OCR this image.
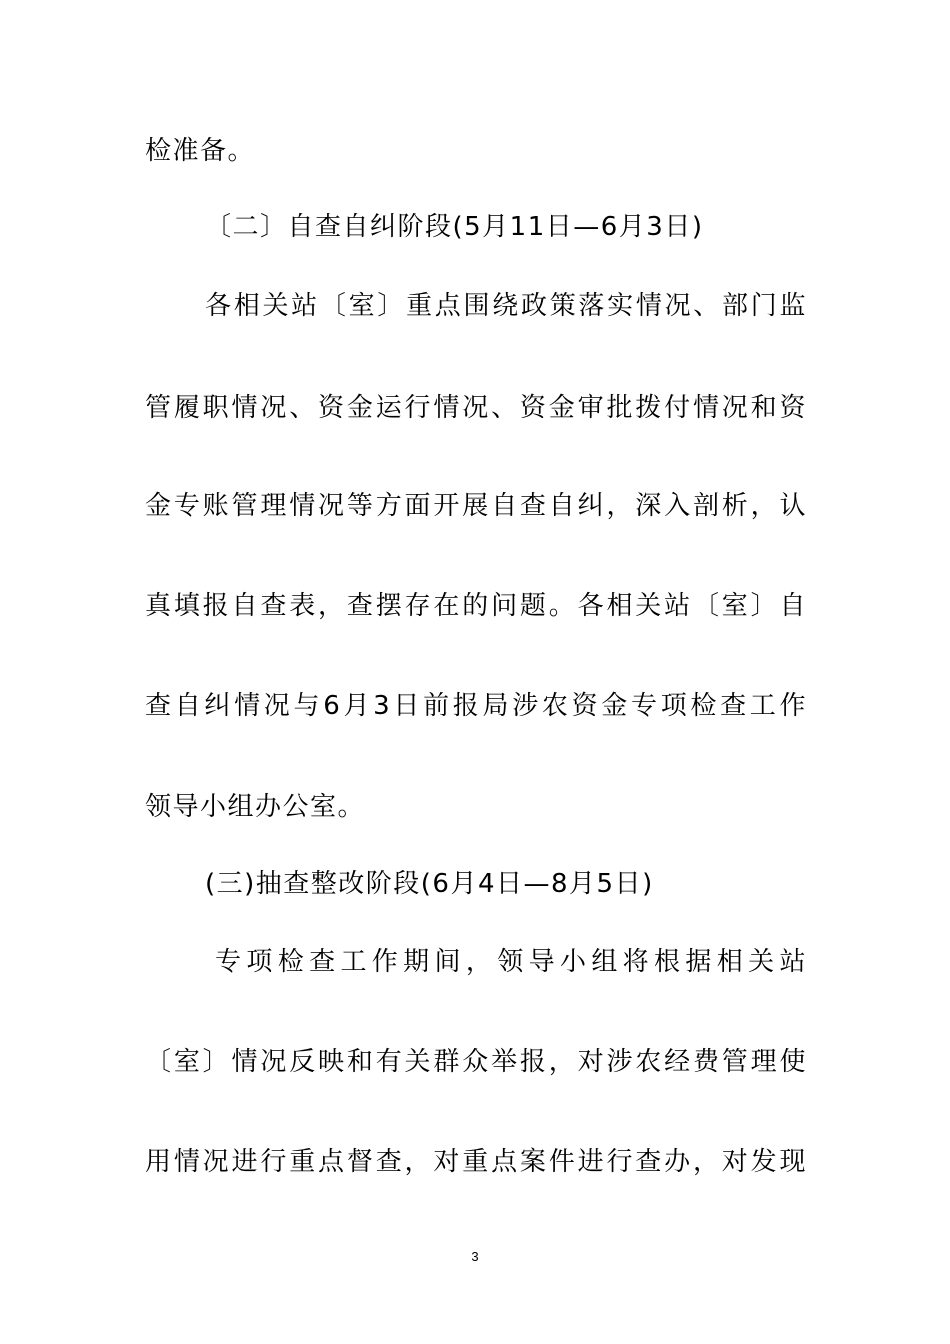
检准备。
〔二〕自查自纠阶段(5月11日—6月3日)
各相关站〔室〕重点围绕政策落实情况、部门监
管履职情况、资金运行情况、资金审批拨付情况和资
金专账管理情况等方面开展自查自纠，深入剖析，认
真填报自查表，查摆存在的问题。各相关站〔室〕自
查自纠情况与6月3日前报局涉农资金专项检查工作
领导小组办公室。
(三)抽查整改阶段(6月4日—8月5日)
专项检查工作期间，领导小组将根据相关站
〔室〕情况反映和有关群众举报，对涉农经费管理使
用情况进行重点督查，对重点案件进行查办，对发现
3
